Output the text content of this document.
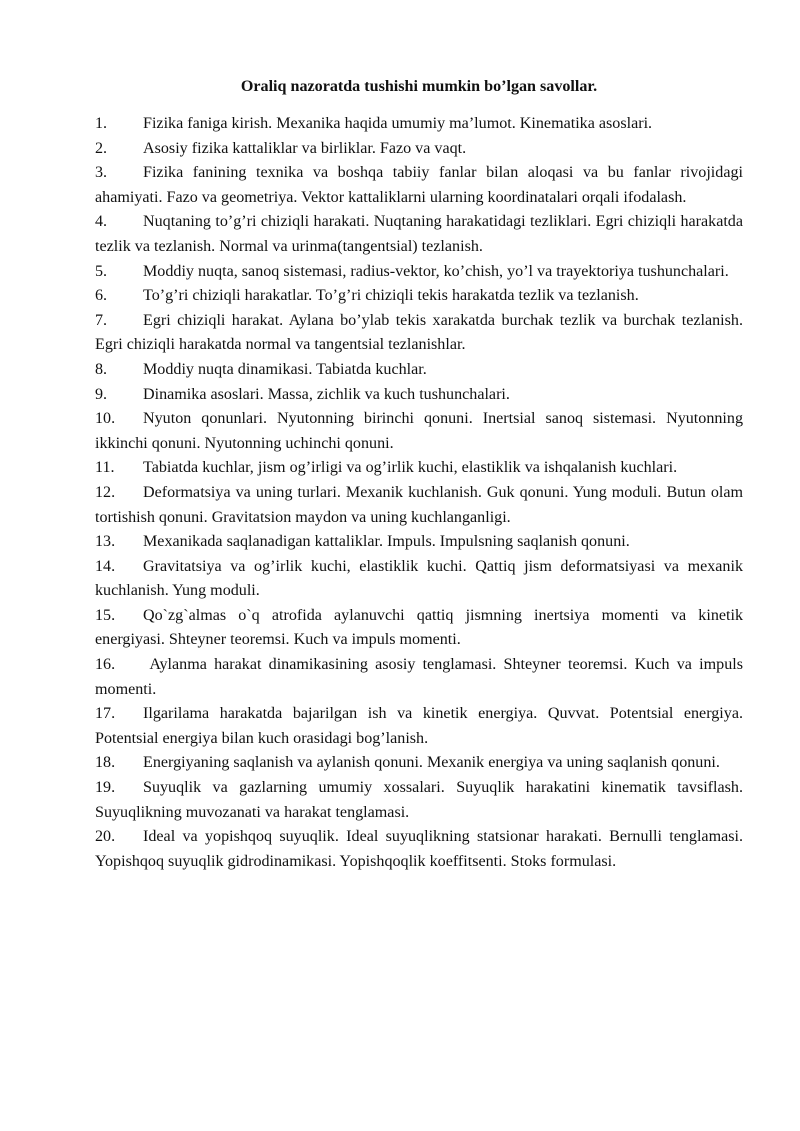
Oraliq nazoratda tushishi mumkin bo’lgan savollar.

1. Fizika faniga kirish. Mexanika haqida umumiy ma’lumot. Kinematika asoslari.

2. Asosiy fizika kattaliklar va birliklar. Fazo va vaqt.

3. Fizika fanining texnika va boshqa tabiiy fanlar bilan aloqasi va bu fanlar rivojidagi ahamiyati. Fazo va geometriya. Vektor kattaliklarni ularning koordinatalari orqali ifodalash.

4. Nuqtaning to’g’ri chiziqli harakati. Nuqtaning harakatidagi tezliklari. Egri chiziqli harakatda tezlik va tezlanish. Normal va urinma(tangentsial) tezlanish.

5. Moddiy nuqta, sanoq sistemasi, radius-vektor, ko’chish, yo’l va trayektoriya tushunchalari.

6. To’g’ri chiziqli harakatlar. To’g’ri chiziqli tekis harakatda tezlik va tezlanish.

7. Egri chiziqli harakat. Aylana bo’ylab tekis xarakatda burchak tezlik va burchak tezlanish. Egri chiziqli harakatda normal va tangentsial tezlanishlar.

8. Moddiy nuqta dinamikasi. Tabiatda kuchlar.

9. Dinamika asoslari. Massa, zichlik va kuch tushunchalari.

10. Nyuton qonunlari. Nyutonning birinchi qonuni. Inertsial sanoq sistemasi. Nyutonning ikkinchi qonuni. Nyutonning uchinchi qonuni.

11. Tabiatda kuchlar, jism og’irligi va og’irlik kuchi, elastiklik va ishqalanish kuchlari.

12. Deformatsiya va uning turlari. Mexanik kuchlanish. Guk qonuni. Yung moduli. Butun olam tortishish qonuni. Gravitatsion maydon va uning kuchlanganligi.

13. Mexanikada saqlanadigan kattaliklar. Impuls. Impulsning saqlanish qonuni.

14. Gravitatsiya va og’irlik kuchi, elastiklik kuchi. Qattiq jism deformatsiyasi va mexanik kuchlanish. Yung moduli.

15. Qo`zg`almas o`q atrofida aylanuvchi qattiq jismning inertsiya momenti va kinetik energiyasi. Shteyner teoremsi. Kuch va impuls momenti.

16. Aylanma harakat dinamikasining asosiy tenglamasi. Shteyner teoremsi. Kuch va impuls momenti.

17. Ilgarilama harakatda bajarilgan ish va kinetik energiya. Quvvat. Potentsial energiya. Potentsial energiya bilan kuch orasidagi bog’lanish.

18. Energiyaning saqlanish va aylanish qonuni. Mexanik energiya va uning saqlanish qonuni.

19. Suyuqlik va gazlarning umumiy xossalari. Suyuqlik harakatini kinematik tavsiflash. Suyuqlikning muvozanati va harakat tenglamasi.

20. Ideal va yopishqoq suyuqlik. Ideal suyuqlikning statsionar harakati. Bernulli tenglamasi. Yopishqoq suyuqlik gidrodinamikasi. Yopishqoqlik koeffitsenti. Stoks formulasi.
